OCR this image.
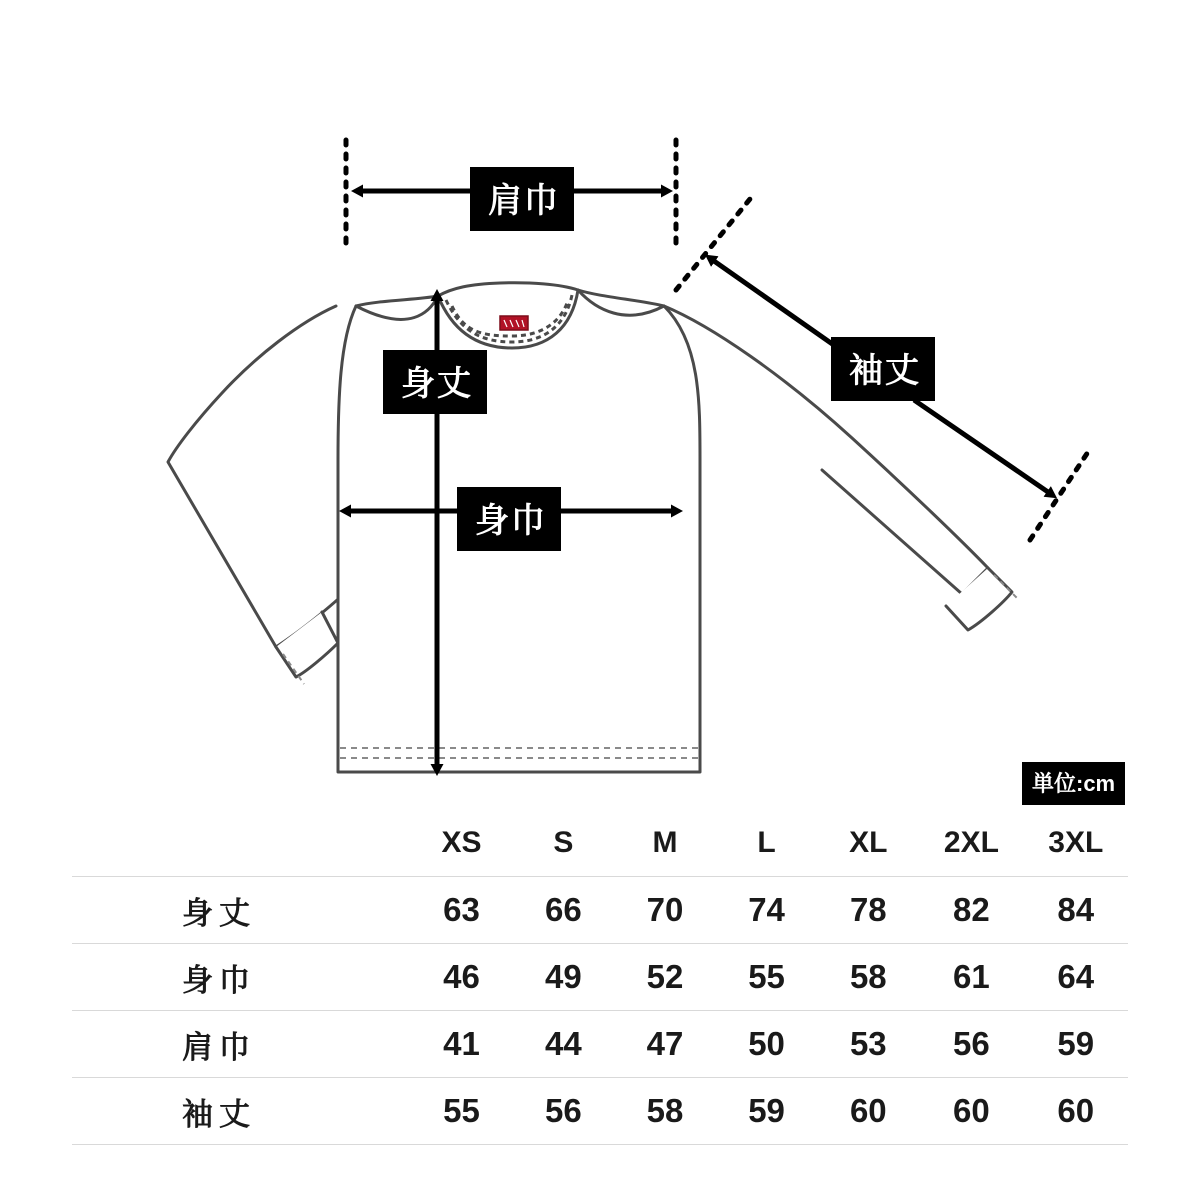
肩巾
身丈
身巾
袖丈
単位:cm
	XS	S	M	L	XL	2XL	3XL
身丈	63	66	70	74	78	82	84
身巾	46	49	52	55	58	61	64
肩巾	41	44	47	50	53	56	59
袖丈	55	56	58	59	60	60	60
